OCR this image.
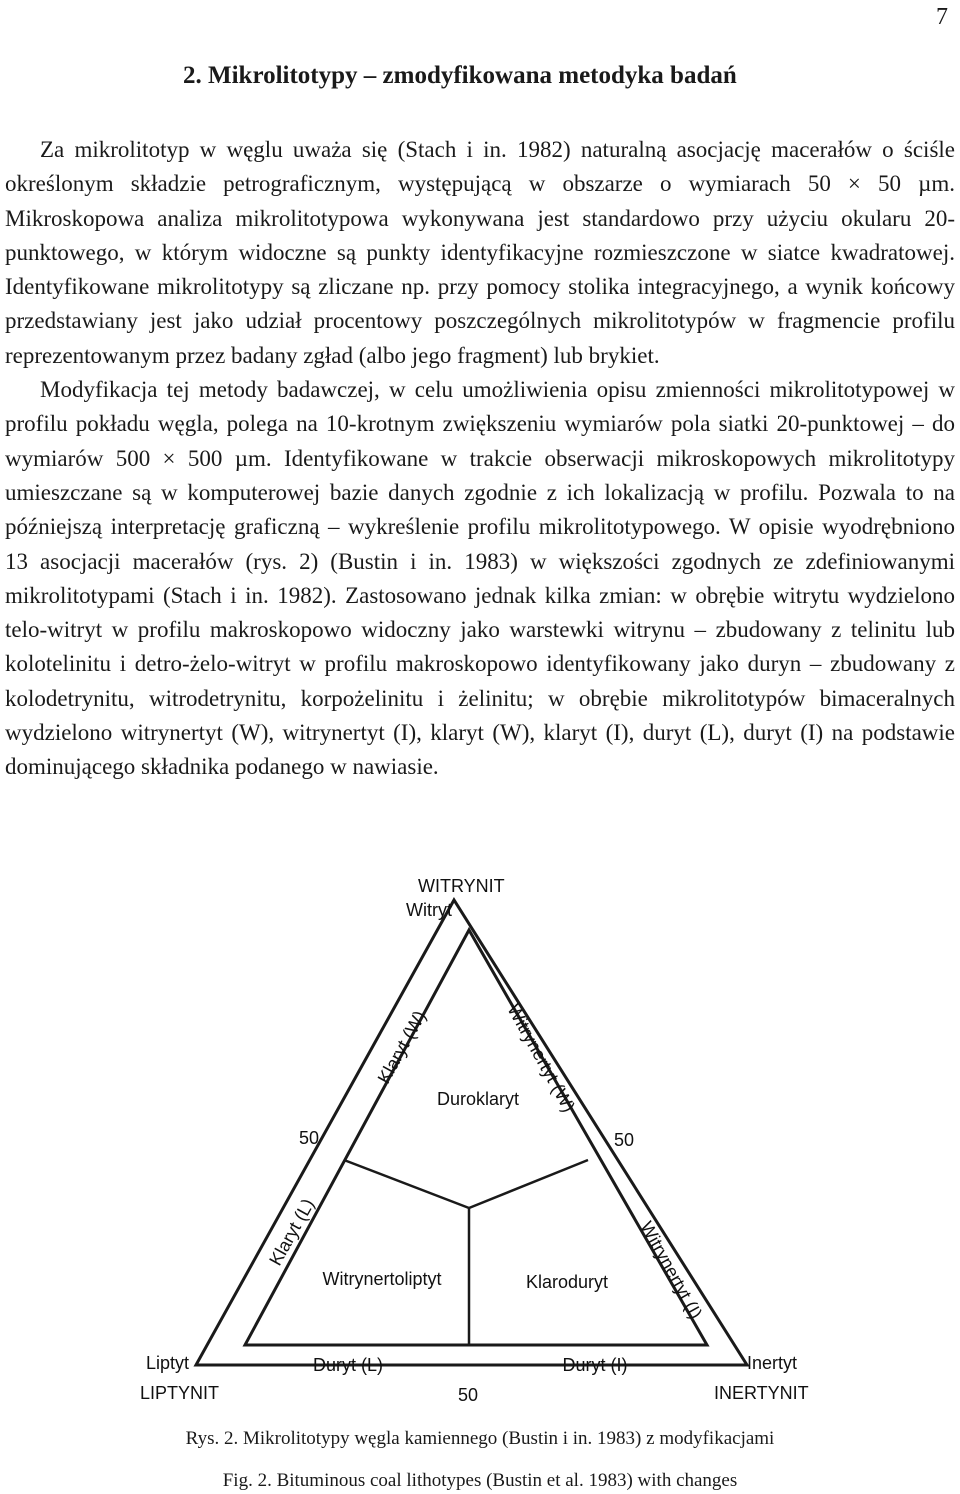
7
2. Mikrolitotypy – zmodyfikowana metodyka badań

Za mikrolitotyp w węglu uważa się (Stach i in. 1982) naturalną asocjację macerałów o ściśle określonym składzie petrograficznym, występującą w obszarze o wymiarach 50 × 50 µm. Mikroskopowa analiza mikrolitotypowa wykonywana jest standardowo przy użyciu okularu 20-punktowego, w którym widoczne są punkty identyfikacyjne rozmieszczone w siatce kwadratowej. Identyfikowane mikrolitotypy są zliczane np. przy pomocy stolika integracyjnego, a wynik końcowy przedstawiany jest jako udział procentowy poszczególnych mikrolitotypów w fragmencie profilu reprezentowanym przez badany zgład (albo jego fragment) lub brykiet.

Modyfikacja tej metody badawczej, w celu umożliwienia opisu zmienności mikrolitotypowej w profilu pokładu węgla, polega na 10-krotnym zwiększeniu wymiarów pola siatki 20-punktowej – do wymiarów 500 × 500 µm. Identyfikowane w trakcie obserwacji mikroskopowych mikrolitotypy umieszczane są w komputerowej bazie danych zgodnie z ich lokalizacją w profilu. Pozwala to na późniejszą interpretację graficzną – wykreślenie profilu mikrolitotypowego. W opisie wyodrębniono 13 asocjacji macerałów (rys. 2) (Bustin i in. 1983) w większości zgodnych ze zdefiniowanymi mikrolitotypami (Stach i in. 1982). Zastosowano jednak kilka zmian: w obrębie witrytu wydzielono telo-witryt w profilu makroskopowo widoczny jako warstewki witrynu – zbudowany z telinitu lub kolotelinitu i detro-żelo-witryt w profilu makroskopowo identyfikowany jako duryn – zbudowany z kolodetrynitu, witrodetrynitu, korpożelinitu i żelinitu; w obrębie mikrolitotypów bimaceralnych wydzielono witrynertyt (W), witrynertyt (I), klaryt (W), klaryt (I), duryt (L), duryt (I) na podstawie dominującego składnika podanego w nawiasie.

WITRYNIT
Witryt
Liptyt
LIPTYNIT
Inertyt
INERTYNIT
Klaryt (W)
Klaryt (L)
Witrynertyt (W)
Witrynertyt (I)
Duryt (L)	Duryt (I)
Duroklaryt
Witrynertoliptyt	Klaroduryt
50	50
50
Rys. 2. Mikrolitotypy węgla kamiennego (Bustin i in. 1983) z modyfikacjami
Fig. 2. Bituminous coal lithotypes (Bustin et al. 1983) with changes
